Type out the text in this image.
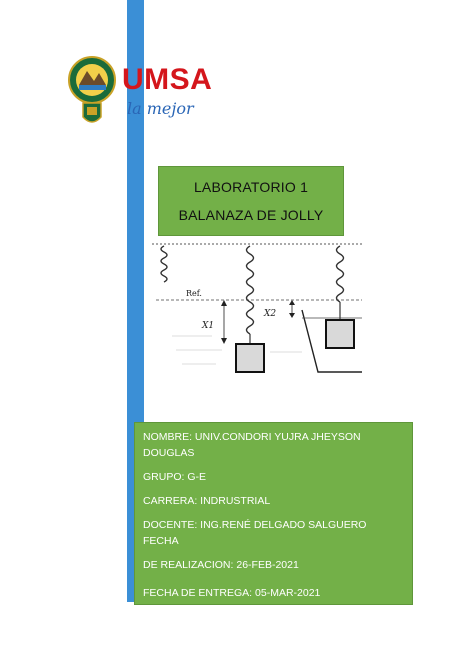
UMSA
la mejor
LABORATORIO 1
BALANAZA DE JOLLY
Ref.
X1
X2

NOMBRE: UNIV.CONDORI YUJRA JHEYSON

DOUGLAS

GRUPO: G-E

CARRERA: INDRUSTRIAL

DOCENTE: ING.RENÉ DELGADO SALGUERO FECHA

DE REALIZACION: 26-FEB-2021

FECHA DE ENTREGA: 05-MAR-2021
